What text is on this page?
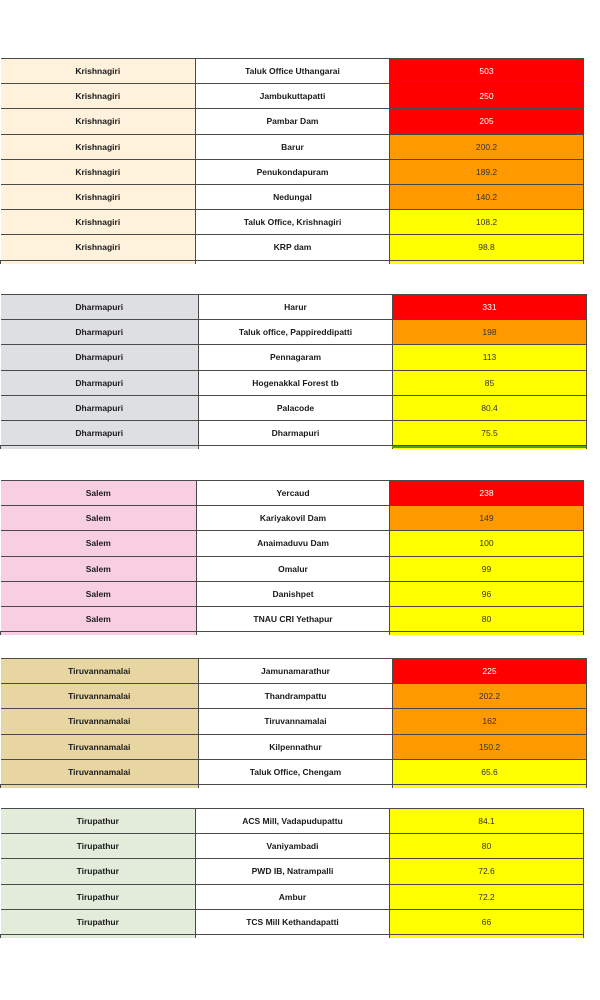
Krishnagiri	Taluk Office Uthangarai	503
Krishnagiri	Jambukuttapatti	250
Krishnagiri	Pambar Dam	205
Krishnagiri	Barur	200.2
Krishnagiri	Penukondapuram	189.2
Krishnagiri	Nedungal	140.2
Krishnagiri	Taluk Office, Krishnagiri	108.2
Krishnagiri	KRP dam	98.8

Dharmapuri	Harur	331
Dharmapuri	Taluk office, Pappireddipatti	198
Dharmapuri	Pennagaram	113
Dharmapuri	Hogenakkal Forest tb	85
Dharmapuri	Palacode	80.4
Dharmapuri	Dharmapuri	75.5

Salem	Yercaud	238
Salem	Kariyakovil Dam	149
Salem	Anaimaduvu Dam	100
Salem	Omalur	99
Salem	Danishpet	96
Salem	TNAU CRI Yethapur	80

Tiruvannamalai	Jamunamarathur	225
Tiruvannamalai	Thandrampattu	202.2
Tiruvannamalai	Tiruvannamalai	162
Tiruvannamalai	Kilpennathur	150.2
Tiruvannamalai	Taluk Office, Chengam	65.6

Tirupathur	ACS Mill, Vadapudupattu	84.1
Tirupathur	Vaniyambadi	80
Tirupathur	PWD IB, Natrampalli	72.6
Tirupathur	Ambur	72.2
Tirupathur	TCS Mill Kethandapatti	66
